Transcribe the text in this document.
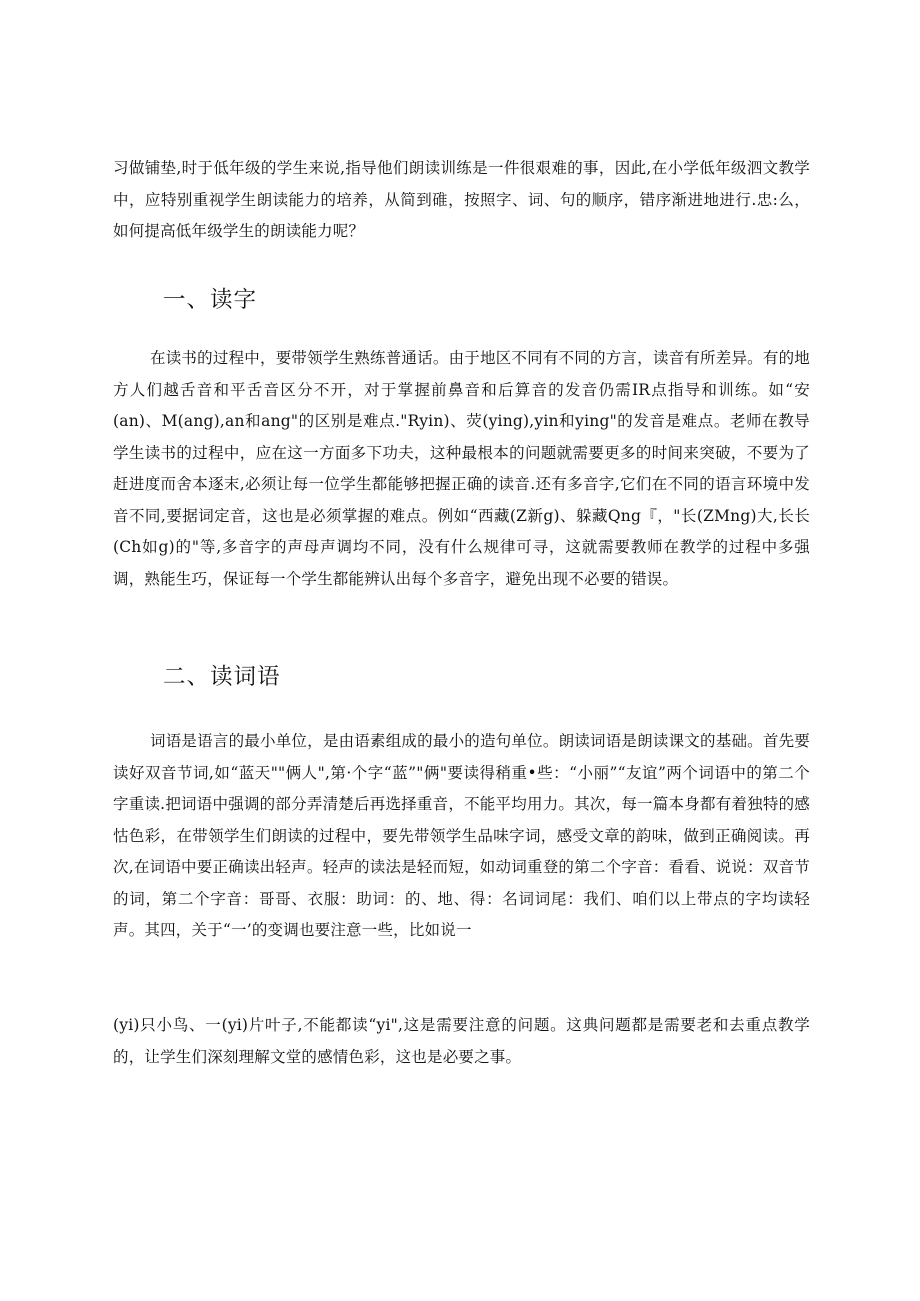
习做铺垫,时于低年级的学生来说,指导他们朗读训练是一件很艰难的事，因此,在小学低年级泗文教学中，应特别重视学生朗读能力的培养，从简到碓，按照字、词、句的顺序，错序渐进地进行.忠:么，如何提高低年级学生的朗读能力呢？

一、读字

在读书的过程中，要带领学生熟练普通话。由于地区不同有不同的方言，读音有所差异。有的地方人们越舌音和平舌音区分不开，对于掌握前鼻音和后算音的发音仍需IR点指导和训练。如“安(an)、M(ang),an和ang"的区别是难点."Ryin)、荧(ying),yin和ying"的发音是难点。老师在教导学生读书的过程中，应在这一方面多下功夫，这种最根本的问题就需要更多的时间来突破，不要为了赶进度而舍本逐末,必须让每一位学生都能够把握正确的读音.还有多音字,它们在不同的语言环境中发音不同,要据词定音，这也是必须掌握的难点。例如“西藏(Z新g)、躲藏Qng『，"长(ZMng)大,长长(Ch如g)的"等,多音字的声母声调均不同，没有什么规律可寻，这就需要教师在教学的过程中多强调，熟能生巧，保证每一个学生都能辨认出每个多音字，避免出现不必要的错误。

二、读词语

词语是语言的最小单位，是由语素组成的最小的造句单位。朗读词语是朗读课文的基础。首先要读好双音节词,如“蓝天""俩人",第·个字“蓝”"俩"要读得稍重•些：“小丽”“友谊”两个词语中的第二个字重读.把词语中强调的部分弄清楚后再选择重音，不能平均用力。其次，每一篇本身都有着独特的感怙色彩，在带领学生们朗读的过程中，要先带领学生品味字词，感受文章的韵味，做到正确阅读。再次,在词语中要正确读出轻声。轻声的读法是轻而短，如动词重登的第二个字音：看看、说说：双音节的词，第二个字音：哥哥、衣服：助词：的、地、得：名词词尾：我们、咱们以上带点的字均读轻声。其四，关于“一’的变调也要注意一些，比如说一

(yi)只小鸟、一(yi)片叶子,不能都读“yi",这是需要注意的问题。这典问题都是需要老和去重点教学的，让学生们深刻理解文堂的感情色彩，这也是必要之事。
